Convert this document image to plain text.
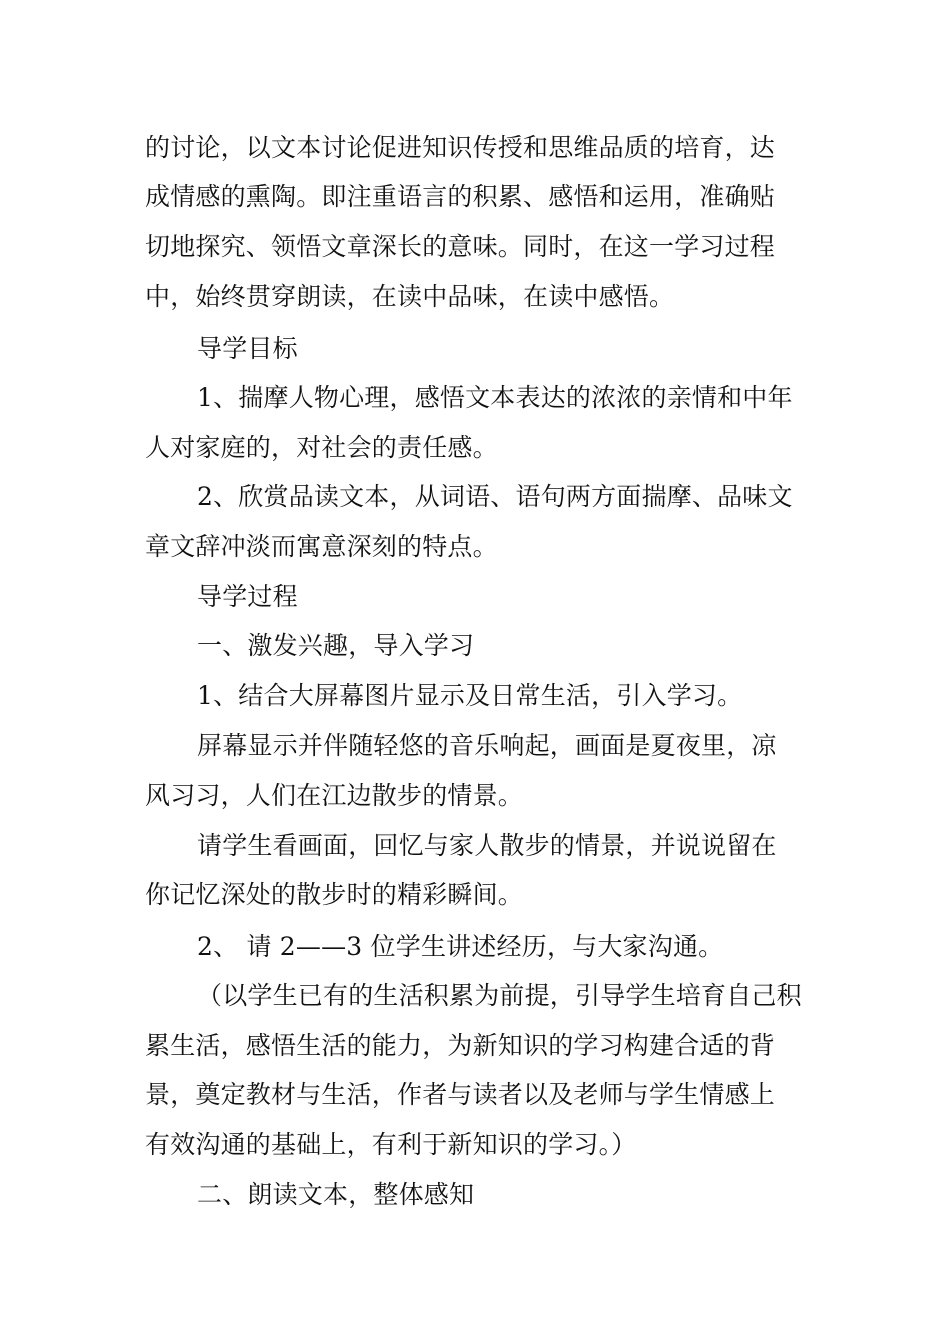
的讨论，以文本讨论促进知识传授和思维品质的培育，达
成情感的熏陶。即注重语言的积累、感悟和运用，准确贴
切地探究、领悟文章深长的意味。同时，在这一学习过程
中，始终贯穿朗读，在读中品味，在读中感悟。
导学目标
1、揣摩人物心理，感悟文本表达的浓浓的亲情和中年
人对家庭的，对社会的责任感。
2、欣赏品读文本，从词语、语句两方面揣摩、品味文
章文辞冲淡而寓意深刻的特点。
导学过程
一、激发兴趣，导入学习
1、结合大屏幕图片显示及日常生活，引入学习。
屏幕显示并伴随轻悠的音乐响起，画面是夏夜里，凉
风习习，人们在江边散步的情景。
请学生看画面，回忆与家人散步的情景，并说说留在
你记忆深处的散步时的精彩瞬间。
2、 请 2——3 位学生讲述经历，与大家沟通。
（以学生已有的生活积累为前提，引导学生培育自己积
累生活，感悟生活的能力，为新知识的学习构建合适的背
景，奠定教材与生活，作者与读者以及老师与学生情感上
有效沟通的基础上，有利于新知识的学习。）
二、朗读文本，整体感知
